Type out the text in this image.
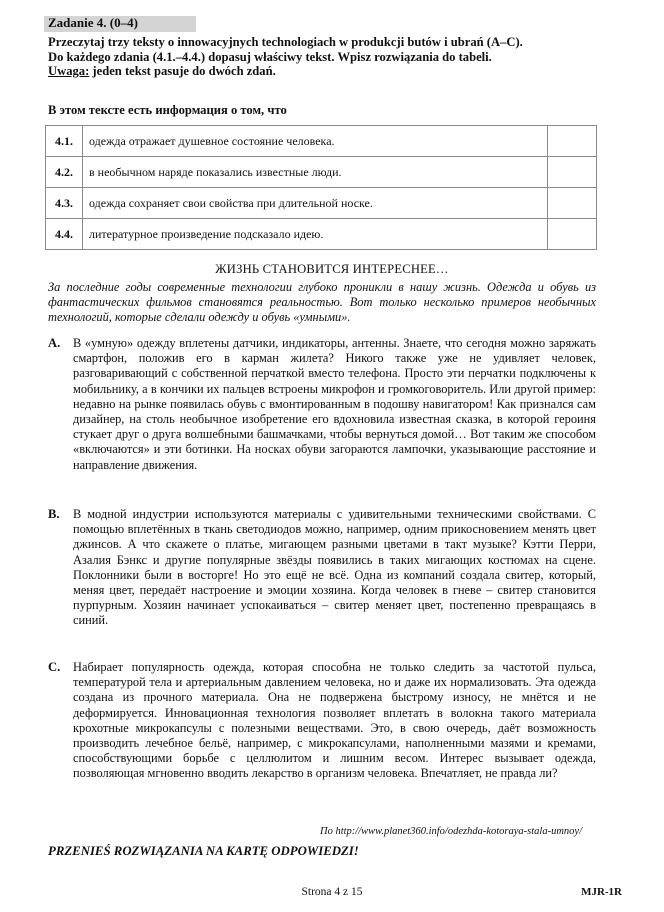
Zadanie 4. (0–4)
Przeczytaj trzy teksty o innowacyjnych technologiach w produkcji butów i ubrań (A–C).
Do każdego zdania (4.1.–4.4.) dopasuj właściwy tekst. Wpisz rozwiązania do tabeli.
Uwaga: jeden tekst pasuje do dwóch zdań.
В этом тексте есть информация о том, что
4.1.	одежда отражает душевное состояние человека.	
4.2.	в необычном наряде показались известные люди.	
4.3.	одежда сохраняет свои свойства при длительной носке.	
4.4.	литературное произведение подсказало идею.	
ЖИЗНЬ СТАНОВИТСЯ ИНТЕРЕСНЕЕ…
За последние годы современные технологии глубоко проникли в нашу жизнь. Одежда и обувь из фантастических фильмов становятся реальностью. Вот только несколько примеров необычных технологий, которые сделали одежду и обувь «умными».
A. В «умную» одежду вплетены датчики, индикаторы, антенны. Знаете, что сегодня можно заряжать смартфон, положив его в карман жилета? Никого также уже не удивляет человек, разговаривающий с собственной перчаткой вместо телефона. Просто эти перчатки подключены к мобильнику, а в кончики их пальцев встроены микрофон и громкоговоритель. Или другой пример: недавно на рынке появилась обувь с вмонтированным в подошву навигатором! Как признался сам дизайнер, на столь необычное изобретение его вдохновила известная сказка, в которой героиня стукает друг о друга волшебными башмачками, чтобы вернуться домой… Вот таким же способом «включаются» и эти ботинки. На носках обуви загораются лампочки, указывающие расстояние и направление движения.
B. В модной индустрии используются материалы с удивительными техническими свойствами. С помощью вплетённых в ткань светодиодов можно, например, одним прикосновением менять цвет джинсов. А что скажете о платье, мигающем разными цветами в такт музыке? Кэтти Перри, Азалия Бэнкс и другие популярные звёзды появились в таких мигающих костюмах на сцене. Поклонники были в восторге! Но это ещё не всё. Одна из компаний создала свитер, который, меняя цвет, передаёт настроение и эмоции хозяина. Когда человек в гневе – свитер становится пурпурным. Хозяин начинает успокаиваться – свитер меняет цвет, постепенно превращаясь в синий.
C. Набирает популярность одежда, которая способна не только следить за частотой пульса, температурой тела и артериальным давлением человека, но и даже их нормализовать. Эта одежда создана из прочного материала. Она не подвержена быстрому износу, не мнётся и не деформируется. Инновационная технология позволяет вплетать в волокна такого материала крохотные микрокапсулы с полезными веществами. Это, в свою очередь, даёт возможность производить лечебное бельё, например, с микрокапсулами, наполненными мазями и кремами, способствующими борьбе с целлюлитом и лишним весом. Интерес вызывает одежда, позволяющая мгновенно вводить лекарство в организм человека. Впечатляет, не правда ли?
По http://www.planet360.info/odezhda-kotoraya-stala-umnoy/
PRZENIEŚ ROZWIĄZANIA NA KARTĘ ODPOWIEDZI!
Strona 4 z 15	MJR-1R
